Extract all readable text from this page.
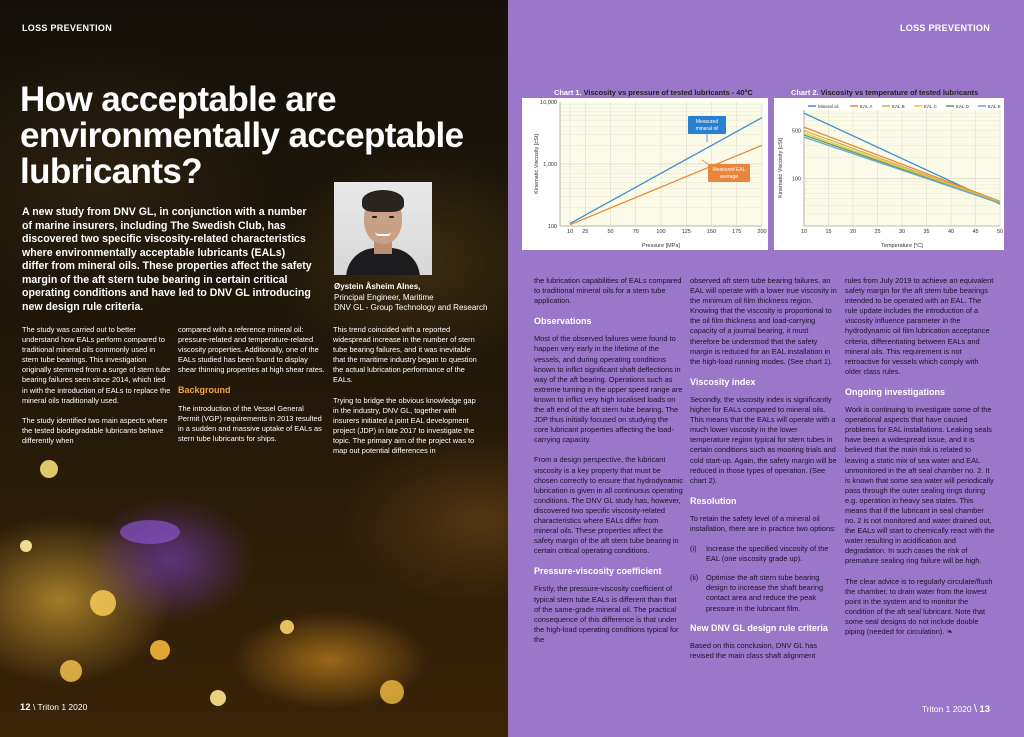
LOSS PREVENTION
How acceptable are environmentally acceptable lubricants?

A new study from DNV GL, in conjunction with a number of marine insurers, including The Swedish Club, has discovered two specific viscosity-related characteristics where environmentally acceptable lubricants (EALs) differ from mineral oils. These properties affect the safety margin of the aft stern tube bearing in certain critical operating conditions and have led to DNV GL introducing new design rule criteria.

Øystein Åsheim Alnes,
Principal Engineer, Maritime
DNV GL - Group Technology and Research

The study was carried out to better understand how EALs perform compared to traditional mineral oils commonly used in stern tube bearings. This investigation originally stemmed from a surge of stern tube bearing failures seen since 2014, which tied in with the introduction of EALs to replace the mineral oils traditionally used.

The study identified two main aspects where the tested biodegradable lubricants behave differently when

compared with a reference mineral oil: pressure-related and temperature-related viscosity properties. Additionally, one of the EALs studied has been found to display shear thinning properties at high shear rates.

Background

The introduction of the Vessel General Permit (VGP) requirements in 2013 resulted in a sudden and massive uptake of EALs as stern tube lubricants for ships.

This trend coincided with a reported widespread increase in the number of stern tube bearing failures, and it was inevitable that the maritime industry began to question the actual lubrication performance of the EALs.

Trying to bridge the obvious knowledge gap in the industry, DNV GL, together with insurers initiated a joint EAL development project (JDP) in late 2017 to investigate the topic. The primary aim of the project was to map out potential differences in

12 \ Triton 1 2020
LOSS PREVENTION
Chart 1. Viscosity vs pressure of tested lubricants - 40°C
10 25	50	75	100	125	150	175	200
10,000
1,000
100
Pressure [MPa]
Kinematic Viscosity [cSt]
Measured
mineral oil
Measured EAL
average
Chart 2. Viscosity vs temperature of tested lubricants
10	15	20	25	30	35	40	45	50
500
100
Temperature [°C]
Kinematic Viscosity [cSt]
Mineral oil	EAL A	EAL B	EAL C	EAL D	EAL E

the lubrication capabilities of EALs compared to traditional mineral oils for a stern tube application.

Observations

Most of the observed failures were found to happen very early in the lifetime of the vessels, and during operating conditions known to inflict significant shaft deflections in way of the aft bearing. Operations such as extreme turning in the upper speed range are known to inflict very high localised loads on the aft end of the aft stern tube bearing. The JDP thus initially focused on studying the core lubricant properties affecting the load-carrying capacity.

From a design perspective, the lubricant viscosity is a key property that must be chosen correctly to ensure that hydrodynamic lubrication is given in all continuous operating conditions. The DNV GL study has, however, discovered two specific viscosity-related characteristics where EALs differ from mineral oils. These properties affect the safety margin of the aft stern tube bearing in certain critical operating conditions.

Pressure-viscosity coefficient

Firstly, the pressure-viscosity coefficient of typical stern tube EALs is different than that of the same-grade mineral oil. The practical consequence of this difference is that under the high-load operating conditions typical for the

observed aft stern tube bearing failures, an EAL will operate with a lower true viscosity in the minimum oil film thickness region. Knowing that the viscosity is proportional to the oil film thickness and load-carrying capacity of a journal bearing, it must therefore be understood that the safety margin is reduced for an EAL installation in the high-load running modes. (See chart 1).

Viscosity index

Secondly, the viscosity index is significantly higher for EALs compared to mineral oils. This means that the EALs will operate with a much lower viscosity in the lower temperature region typical for stern tubes in certain conditions such as mooring trials and cold start-up. Again, the safety margin will be reduced in those types of operation. (See chart 2).

Resolution

To retain the safety level of a mineral oil installation, there are in practice two options:

(i)	Increase the specified viscosity of the EAL (one viscosity grade up).
(ii)	Optimise the aft stern tube bearing design to increase the shaft bearing contact area and reduce the peak pressure in the lubricant film.
New DNV GL design rule criteria

Based on this conclusion, DNV GL has revised the main class shaft alignment

rules from July 2019 to achieve an equivalent safety margin for the aft stern tube bearings intended to be operated with an EAL. The rule update includes the introduction of a viscosity influence parameter in the hydrodynamic oil film lubrication acceptance criteria, differentiating between EALs and mineral oils. This requirement is not retroactive for vessels which comply with older class rules.

Ongoing investigations

Work is continuing to investigate some of the operational aspects that have caused problems for EAL installations. Leaking seals have been a widespread issue, and it is believed that the main risk is related to leaving a static mix of sea water and EAL unmonitored in the aft seal chamber no. 2. It is known that some sea water will periodically pass through the outer sealing rings during e.g. operation in heavy sea states. This means that if the lubricant in seal chamber no. 2 is not monitored and water drained out, the EALs will start to chemically react with the water resulting in acidification and degradation. In such cases the risk of premature sealing ring failure will be high.

The clear advice is to regularly circulate/flush the chamber, to drain water from the lowest point in the system and to monitor the condition of the aft seal lubricant. Note that some seal designs do not include double piping (needed for circulation). ❧

Triton 1 2020 \ 13
